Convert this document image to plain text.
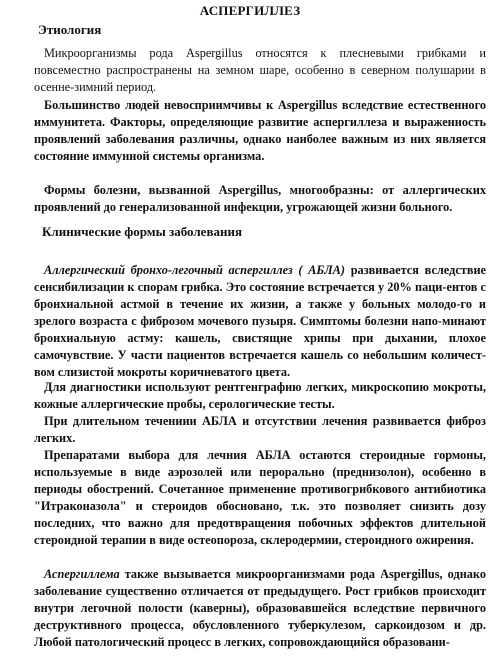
АСПЕРГИЛЛЕЗ
Этиология
Микроорганизмы рода Aspergillus относятся к плесневыми грибками и повсеместно распространены на земном шаре, особенно в северном полушарии в осенне-зимний период.
Большинство людей невосприимчивы к Aspergillus вследствие естественного иммунитета. Факторы, определяющие развитие аспергиллеза и выраженность проявлений заболевания различны, однако наиболее важным из них является состояние иммунной системы организма.
Формы болезни, вызванной Aspergillus, многообразны: от аллергических проявлений до генерализованной инфекции, угрожающей жизни больного.
Клинические формы заболевания
Аллергический бронхо-легочный аспергиллез ( АБЛА) развивается вследствие сенсибилизации к спорам грибка. Это состояние встречается у 20% паци-ентов с бронхиальной астмой в течение их жизни, а также у больных молодо-го и зрелого возраста с фиброзом мочевого пузыря. Симптомы болезни напо-минают бронхиальную астму: кашель, свистящие хрипы при дыхании, плохое самочувствие. У части пациентов встречается кашель со небольшим количест-вом слизистой мокроты коричневатого цвета.
Для диагностики используют рентгенграфию легких, микроскопию мокроты, кожные аллергические пробы, серологические тесты.
При длительном течениии АБЛА и отсутствии лечения развивается фиброз легких.
Препаратами выбора для лечния АБЛА остаются стероидные гормоны, используемые в виде аэрозолей или перорально (преднизолон), особенно в периоды обострений. Сочетанное применение противогрибкового антибиотика "Итраконазола" и стероидов обосновано, т.к. это позволяет снизить дозу последних, что важно для предотвращения побочных эффектов длительной стероидной терапии в виде остеопороза, склеродермии, стероидного ожирения.
Аспергиллема также вызывается микроорганизмами рода Aspergillus, однако заболевание существенно отличается от предыдущего. Рост грибков происходит внутри легочной полости (каверны), образовавшейся вследствие первичного деструктивного процесса, обусловленного туберкулезом, саркоидозом и др. Любой патологический процесс в легких, сопровождающийся образовани-
